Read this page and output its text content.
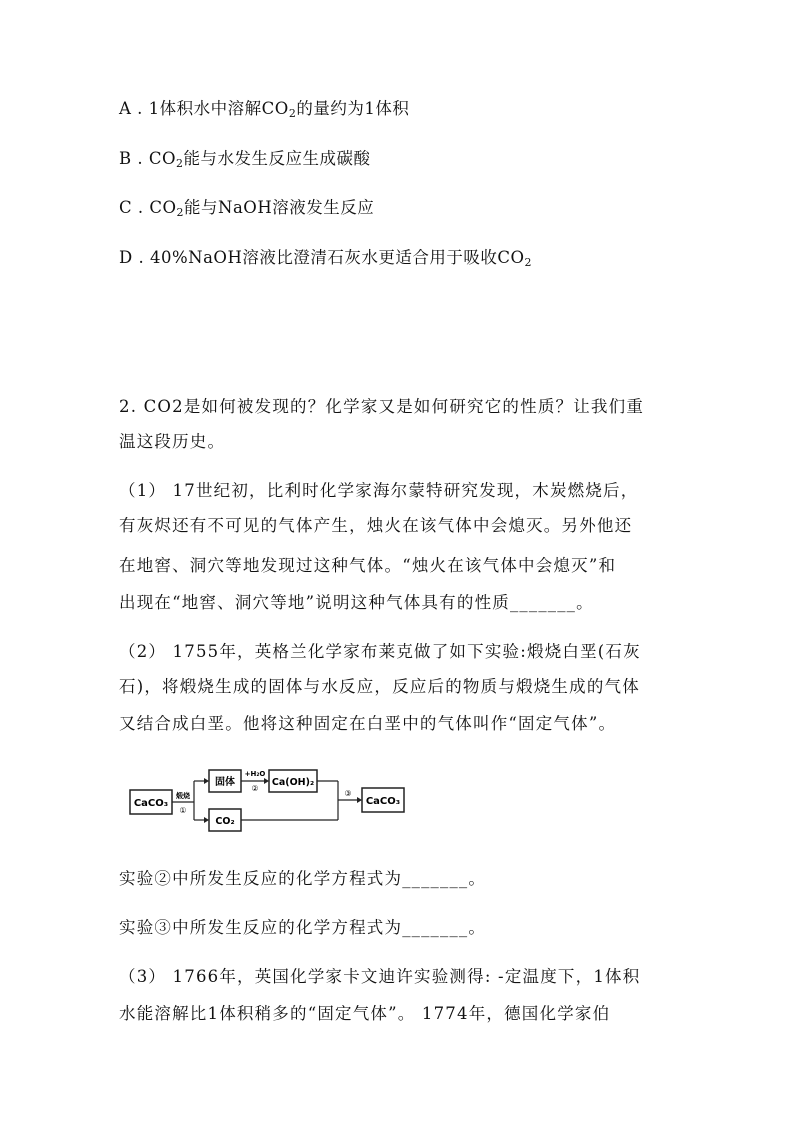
A . 1体积水中溶解$CO_2$的量约为1体积
B . $CO_2$能与水发生反应生成碳酸
C . $CO_2$能与NaOH溶液发生反应
D . 40%NaOH溶液比澄清石灰水更适合用于吸收$CO_2$
2. CO2是如何被发现的？化学家又是如何研究它的性质？让我们重
温这段历史。
（1） 17世纪初，比利时化学家海尔蒙特研究发现，木炭燃烧后，
有灰烬还有不可见的气体产生，烛火在该气体中会熄灭。另外他还
在地窖、洞穴等地发现过这种气体。“烛火在该气体中会熄灭”和
出现在“地窖、洞穴等地”说明这种气体具有的性质_______。
（2） 1755年，英格兰化学家布莱克做了如下实验:煅烧白垩(石灰
石)，将煅烧生成的固体与水反应，反应后的物质与煅烧生成的气体
又结合成白垩。他将这种固定在白垩中的气体叫作“固定气体”。
CaCO₃
煅烧
①
固体
+H₂O
②
Ca(OH)₂
CO₂
③
CaCO₃
实验②中所发生反应的化学方程式为_______。
实验③中所发生反应的化学方程式为_______。
（3） 1766年，英国化学家卡文迪许实验测得: -定温度下，1体积
水能溶解比1体积稍多的“固定气体”。 1774年，德国化学家伯
